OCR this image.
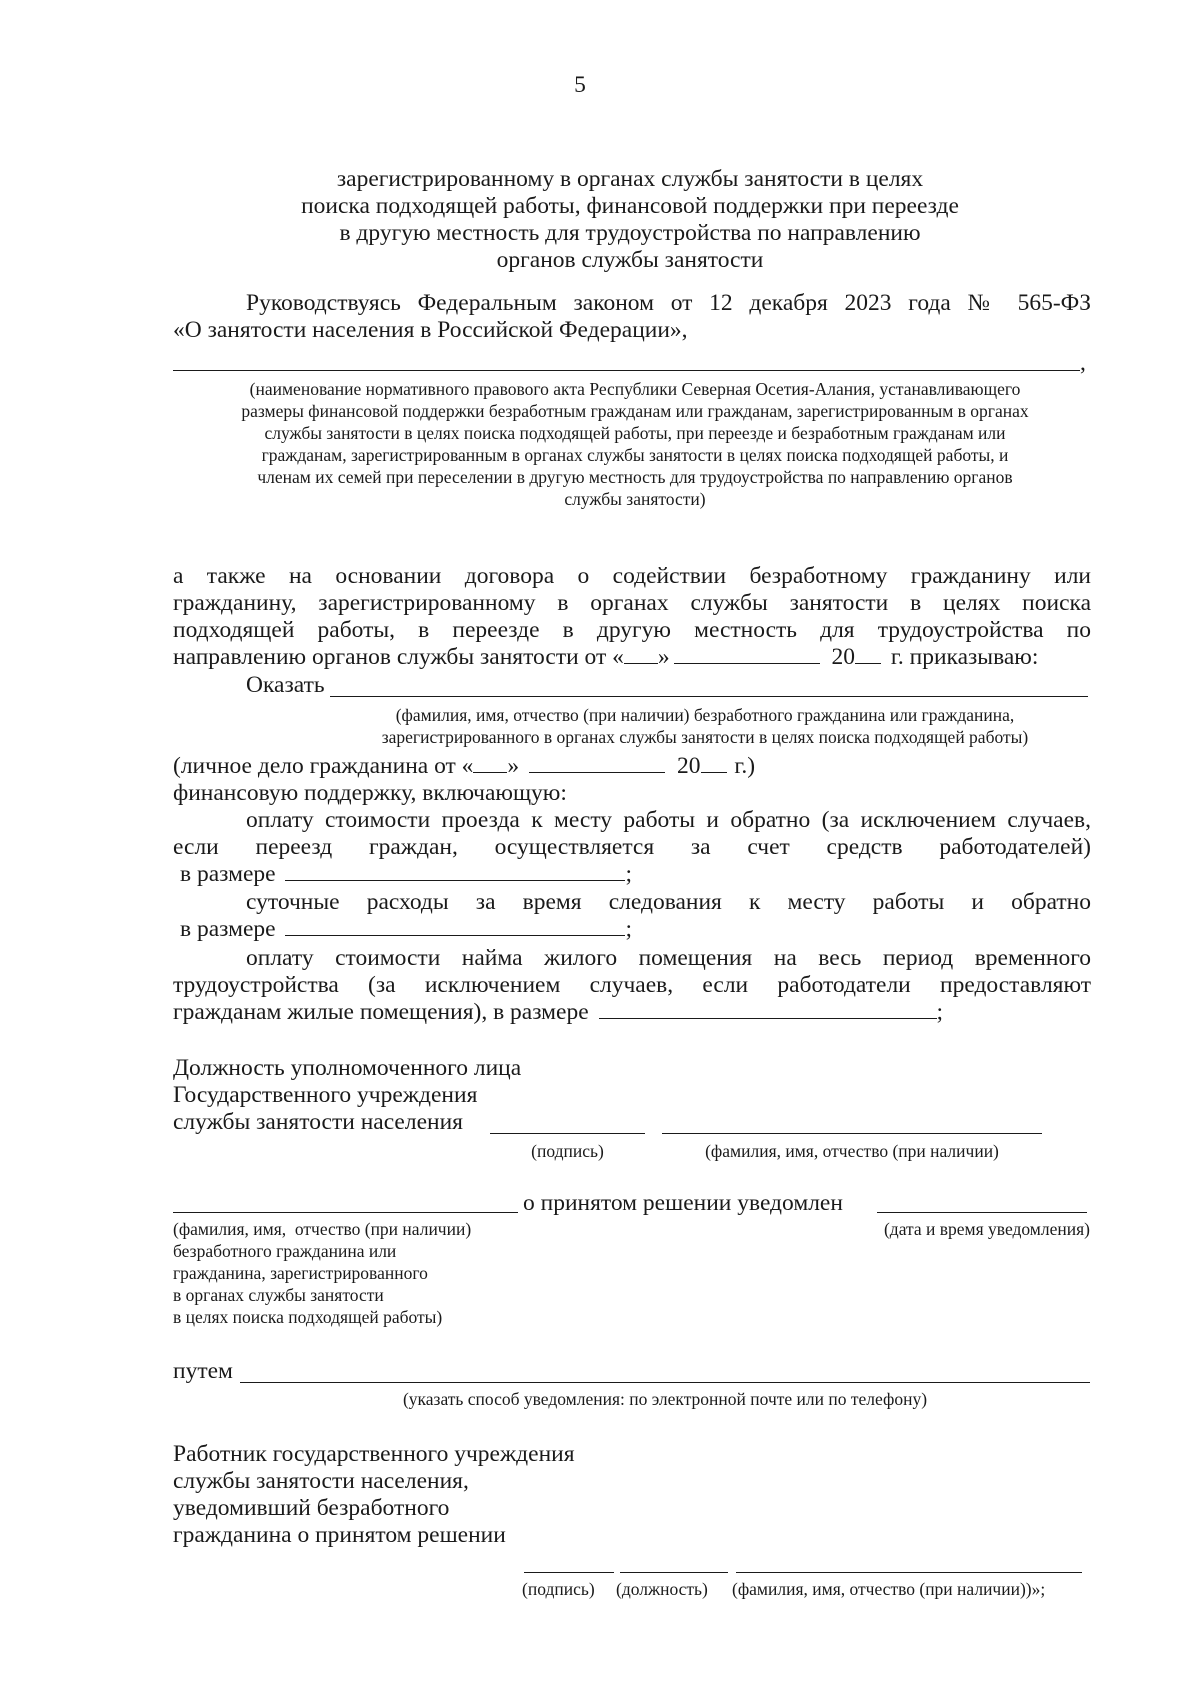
5
зарегистрированному в органах службы занятости в целях
поиска подходящей работы, финансовой поддержки при переезде
в другую местность для трудоустройства по направлению
органов службы занятости
Руководствуясь Федеральным законом от 12 декабря 2023 года № 565-ФЗ
«О занятости населения в Российской Федерации»,
,
(наименование нормативного правового акта Республики Северная Осетия-Алания, устанавливающего
размеры финансовой поддержки безработным гражданам или гражданам, зарегистрированным в органах
службы занятости в целях поиска подходящей работы, при переезде и безработным гражданам или
гражданам, зарегистрированным в органах службы занятости в целях поиска подходящей работы, и
членам их семей при переселении в другую местность для трудоустройства по направлению органов
службы занятости)
а также на основании договора о содействии безработному гражданину или
гражданину, зарегистрированному в органах службы занятости в целях поиска
подходящей работы, в переезде в другую местность для трудоустройства по
направлению органов службы занятости от « »	20 г. приказываю:
Оказать
(фамилия, имя, отчество (при наличии) безработного гражданина или гражданина,
зарегистрированного в органах службы занятости в целях поиска подходящей работы)
(личное дело гражданина от « »	20 г.)
финансовую поддержку, включающую:
оплату стоимости проезда к месту работы и обратно (за исключением случаев,
если переезд граждан, осуществляется за счет средств работодателей)
в размере	;
суточные расходы за время следования к месту работы и обратно
в размере	;
оплату стоимости найма жилого помещения на весь период временного
трудоустройства (за исключением случаев, если работодатели предоставляют
гражданам жилые помещения), в размере	;
Должность уполномоченного лица
Государственного учреждения
службы занятости населения
(подпись)	(фамилия, имя, отчество (при наличии)
о принятом решении уведомлен
(фамилия, имя,  отчество (при наличии)
безработного гражданина или
гражданина, зарегистрированного
в органах службы занятости
в целях поиска подходящей работы)
(дата и время уведомления)
путем
(указать способ уведомления: по электронной почте или по телефону)
Работник государственного учреждения
службы занятости населения,
уведомивший безработного
гражданина о принятом решении
(подпись) (должность) (фамилия, имя, отчество (при наличии))»;
